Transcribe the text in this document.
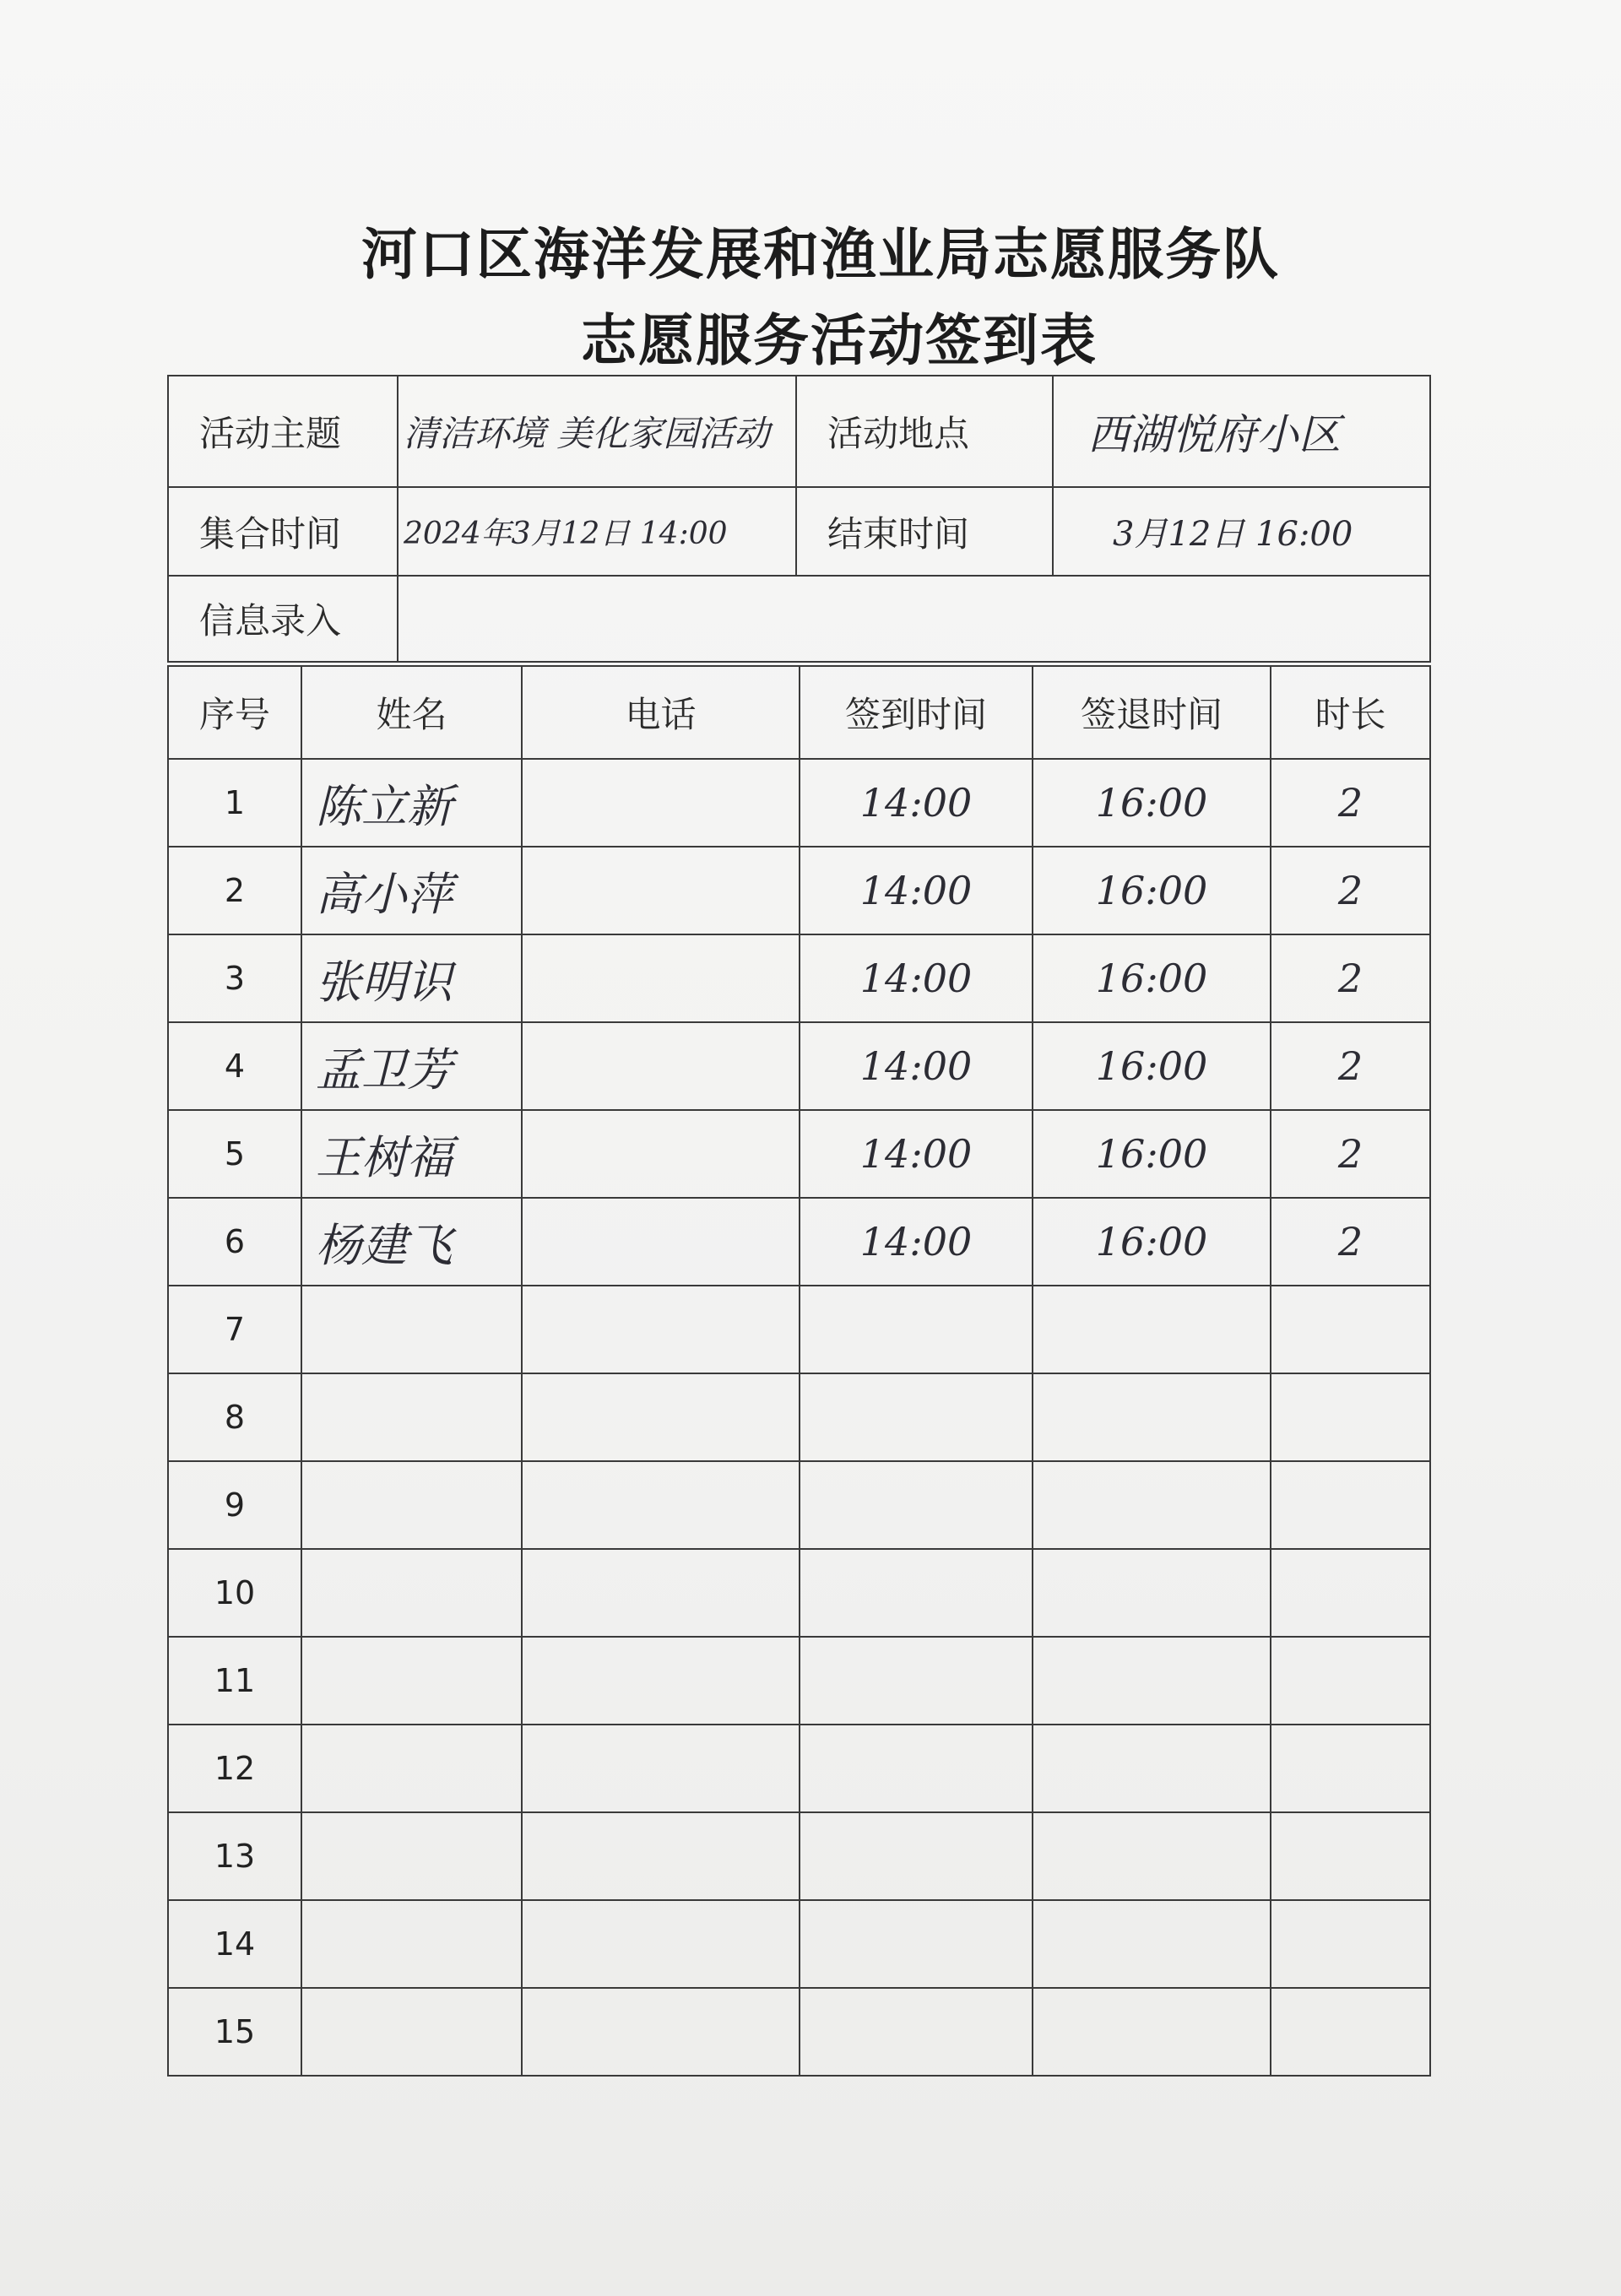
河口区海洋发展和渔业局志愿服务队
志愿服务活动签到表
活动主题	清洁环境 美化家园活动	活动地点	西湖悦府小区
集合时间	2024年3月12日 14:00	结束时间	3月12日 16:00
信息录入			
序号	姓名	电话	签到时间	签退时间	时长
1	陈立新		14:00	16:00	2
2	高小萍		14:00	16:00	2
3	张明识		14:00	16:00	2
4	孟卫芳		14:00	16:00	2
5	王树福		14:00	16:00	2
6	杨建飞		14:00	16:00	2
7					
8					
9					
10					
11					
12					
13					
14					
15					
